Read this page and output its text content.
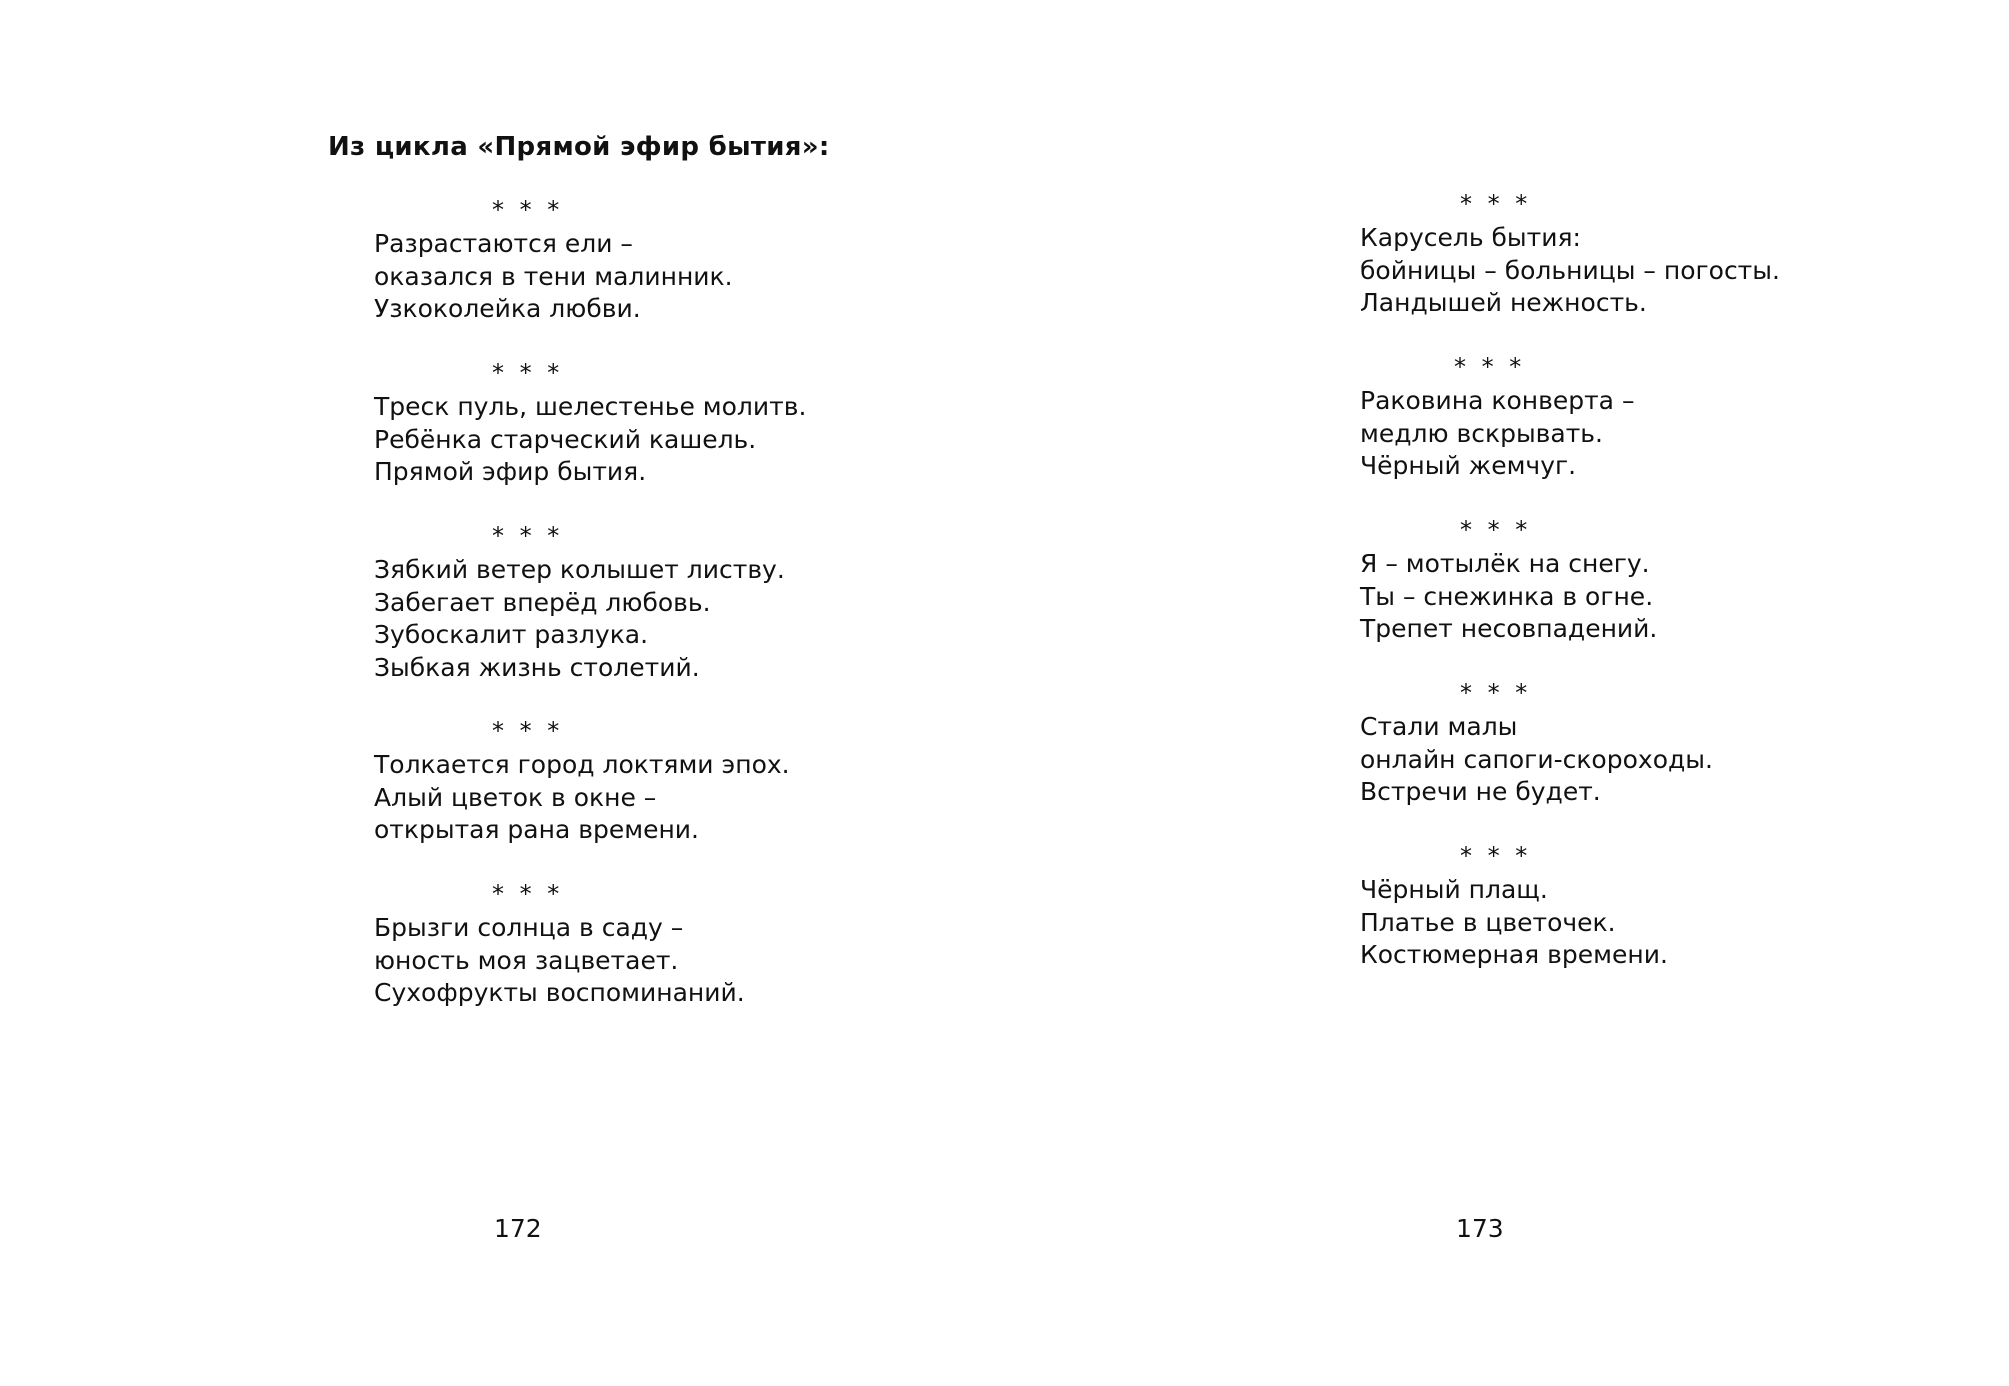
Из цикла «Прямой эфир бытия»:
* * *
Разрастаются ели –
оказался в тени малинник.
Узкоколейка любви.
* * *
Треск пуль, шелестенье молитв.
Ребёнка старческий кашель.
Прямой эфир бытия.
* * *
Зябкий ветер колышет листву.
Забегает вперёд любовь.
Зубоскалит разлука.
Зыбкая жизнь столетий.
* * *
Толкается город локтями эпох.
Алый цветок в окне –
открытая рана времени.
* * *
Брызги солнца в саду –
юность моя зацветает.
Сухофрукты воспоминаний.
172
* * *
Карусель бытия:
бойницы – больницы – погосты.
Ландышей нежность.
* * *
Раковина конверта –
медлю вскрывать.
Чёрный жемчуг.
* * *
Я – мотылёк на снегу.
Ты – снежинка в огне.
Трепет несовпадений.
* * *
Стали малы
онлайн сапоги-скороходы.
Встречи не будет.
* * *
Чёрный плащ.
Платье в цветочек.
Костюмерная времени.
173
